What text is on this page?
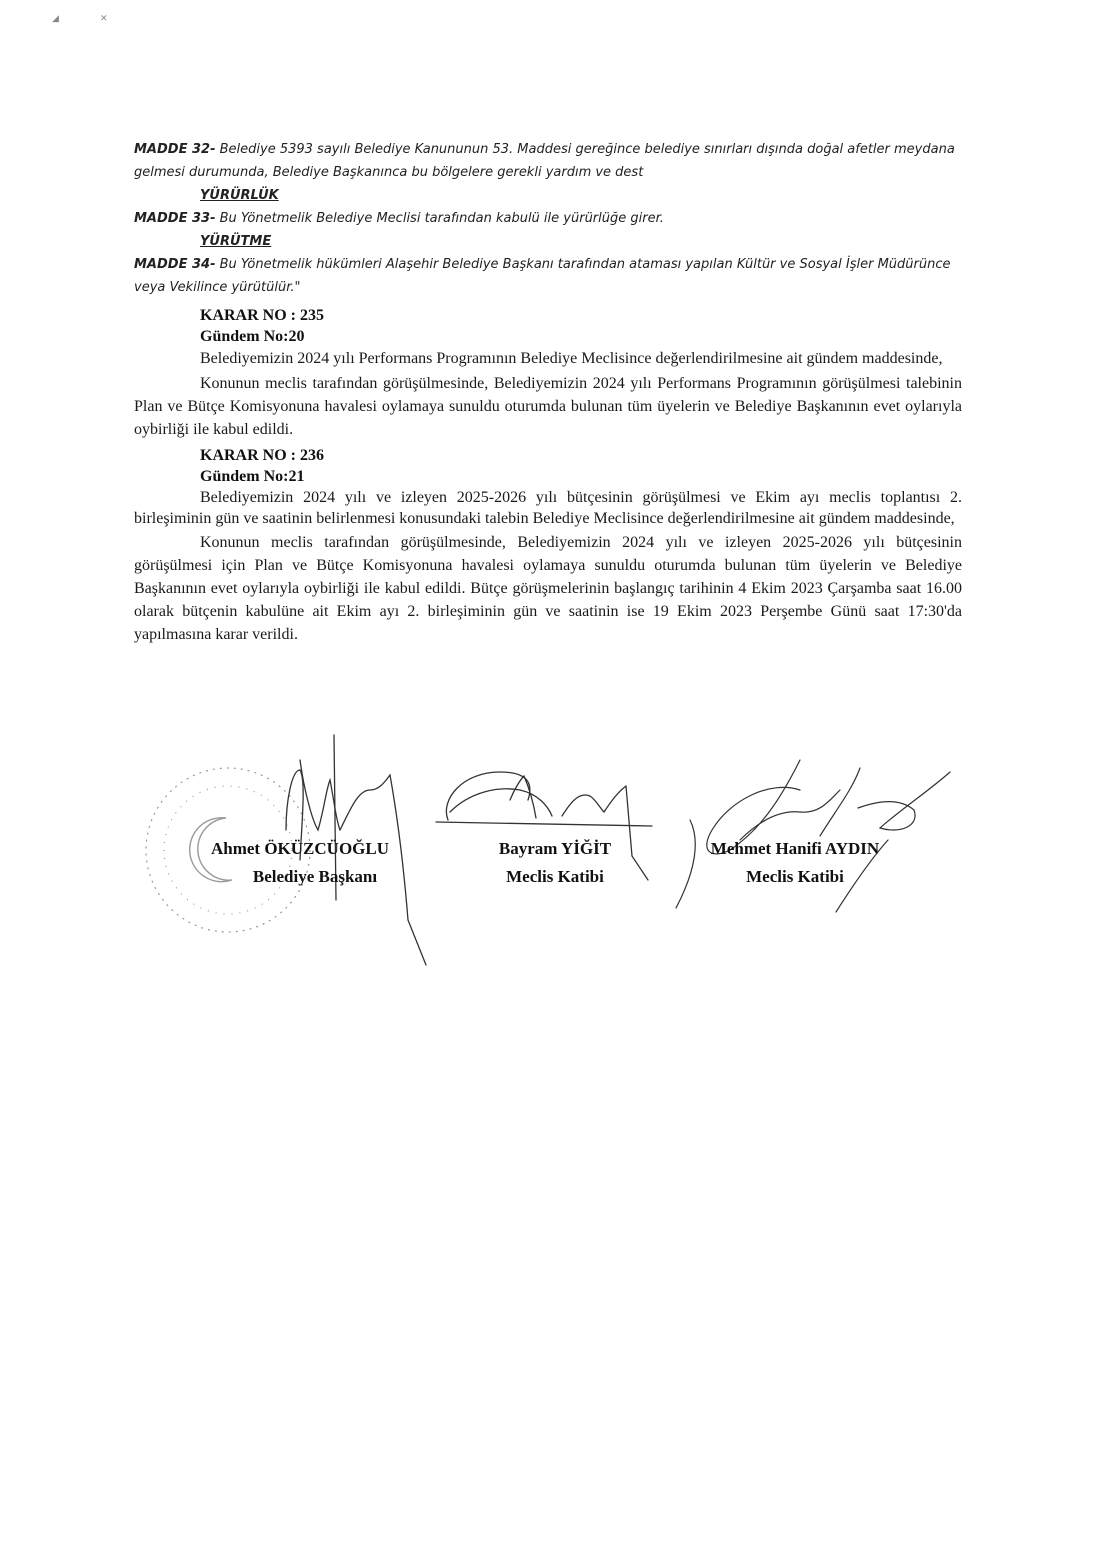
◢	✕

MADDE 32- Belediye 5393 sayılı Belediye Kanununun 53. Maddesi gereğince belediye sınırları dışında doğal afetler meydana gelmesi durumunda, Belediye Başkanınca bu bölgelere gerekli yardım ve dest

YÜRÜRLÜK

MADDE 33- Bu Yönetmelik Belediye Meclisi tarafından kabulü ile yürürlüğe girer.

YÜRÜTME

MADDE 34- Bu Yönetmelik hükümleri Alaşehir Belediye Başkanı tarafından ataması yapılan Kültür ve Sosyal İşler Müdürünce veya Vekilince yürütülür."

KARAR NO : 235

Gündem No:20

Belediyemizin 2024 yılı Performans Programının Belediye Meclisince değerlendirilmesine ait gündem maddesinde,

Konunun meclis tarafından görüşülmesinde, Belediyemizin 2024 yılı Performans Programının görüşülmesi talebinin Plan ve Bütçe Komisyonuna havalesi oylamaya sunuldu oturumda bulunan tüm üyelerin ve Belediye Başkanının evet oylarıyla oybirliği ile kabul edildi.

KARAR NO : 236

Gündem No:21

Belediyemizin 2024 yılı ve izleyen 2025-2026 yılı bütçesinin görüşülmesi ve Ekim ayı meclis toplantısı 2. birleşiminin gün ve saatinin belirlenmesi konusundaki talebin Belediye Meclisince değerlendirilmesine ait gündem maddesinde,

Konunun meclis tarafından görüşülmesinde, Belediyemizin 2024 yılı ve izleyen 2025-2026 yılı bütçesinin görüşülmesi için Plan ve Bütçe Komisyonuna havalesi oylamaya sunuldu oturumda bulunan tüm üyelerin ve Belediye Başkanının evet oylarıyla oybirliği ile kabul edildi. Bütçe görüşmelerinin başlangıç tarihinin 4 Ekim 2023 Çarşamba saat 16.00 olarak bütçenin kabulüne ait Ekim ayı 2. birleşiminin gün ve saatinin ise 19 Ekim 2023 Perşembe Günü saat 17:30'da yapılmasına karar verildi.

Ahmet ÖKÜZCÜOĞLU
Belediye Başkanı
Bayram YİĞİT
Meclis Katibi
Mehmet Hanifi AYDIN
Meclis Katibi
